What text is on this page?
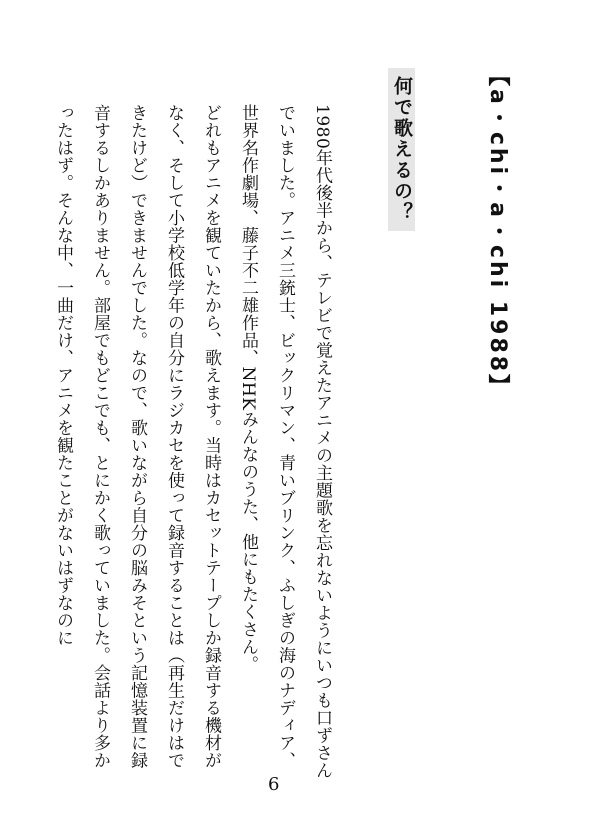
【a・chi・a・chi 1988】
何で歌えるの？

1980年代後半から、テレビで覚えたアニメの主題歌を忘れないようにいつも口ずさんでいました。アニメ三銃士、ビックリマン、青いブリンク、ふしぎの海のナディア、世界名作劇場、藤子不二雄作品、NHKみんなのうた、他にもたくさん。

どれもアニメを観ていたから、歌えます。当時はカセットテープしか録音する機材がなく、そして小学校低学年の自分にラジカセを使って録音することは（再生だけはできたけど）できませんでした。なので、歌いながら自分の脳みそという記憶装置に録音するしかありません。部屋でもどこでも、とにかく歌っていました。会話より多かったはず。そんな中、一曲だけ、アニメを観たことがないはずなのに

6
